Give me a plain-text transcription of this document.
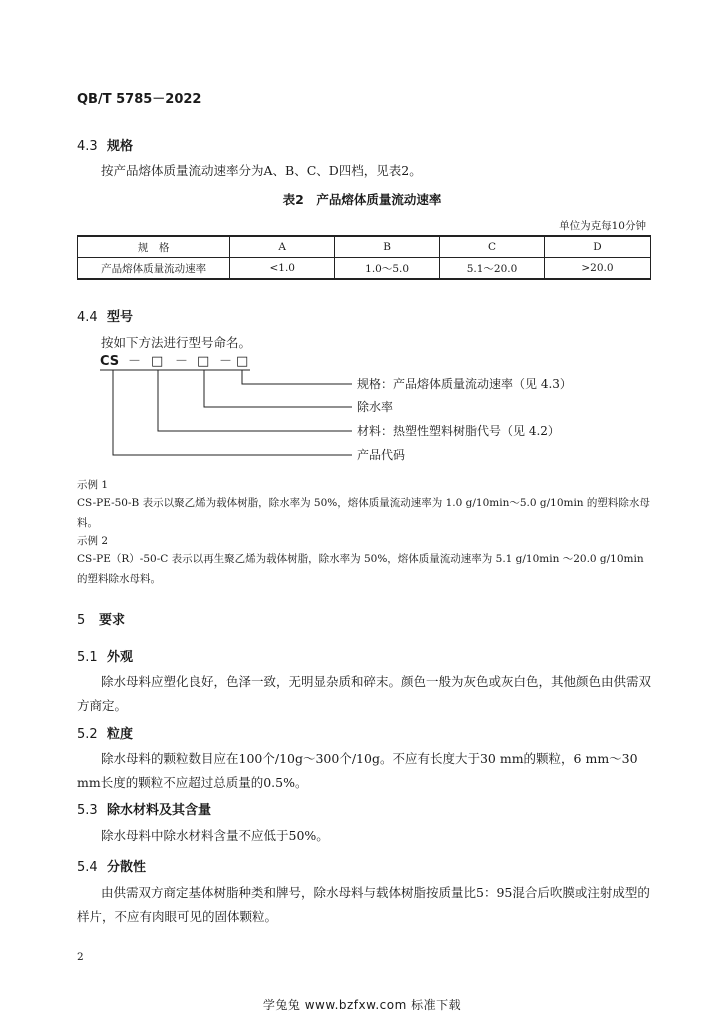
QB/T 5785－2022
4.3 规格
按产品熔体质量流动速率分为A、B、C、D四档，见表2。
表2　产品熔体质量流动速率
单位为克每10分钟
规　格	A	B	C	D
产品熔体质量流动速率	<1.0	1.0～5.0	5.1～20.0	>20.0
4.4 型号
按如下方法进行型号命名。
CS － □ － □ － □
规格：产品熔体质量流动速率（见 4.3）
除水率
材料：热塑性塑料树脂代号（见 4.2）
产品代码
示例 1
CS-PE-50-B 表示以聚乙烯为载体树脂，除水率为 50%，熔体质量流动速率为 1.0 g/10min～5.0 g/10min 的塑料除水母料。
示例 2
CS-PE（R）-50-C 表示以再生聚乙烯为载体树脂，除水率为 50%，熔体质量流动速率为 5.1 g/10min ～20.0 g/10min 的塑料除水母料。
5 要求
5.1 外观
除水母料应塑化良好，色泽一致，无明显杂质和碎末。颜色一般为灰色或灰白色，其他颜色由供需双方商定。
5.2 粒度
除水母料的颗粒数目应在100个/10g～300个/10g。不应有长度大于30 mm的颗粒，6 mm～30 mm长度的颗粒不应超过总质量的0.5%。
5.3 除水材料及其含量
除水母料中除水材料含量不应低于50%。
5.4 分散性
由供需双方商定基体树脂种类和牌号，除水母料与载体树脂按质量比5：95混合后吹膜或注射成型的样片，不应有肉眼可见的固体颗粒。
2
学兔兔 www.bzfxw.com 标准下载
